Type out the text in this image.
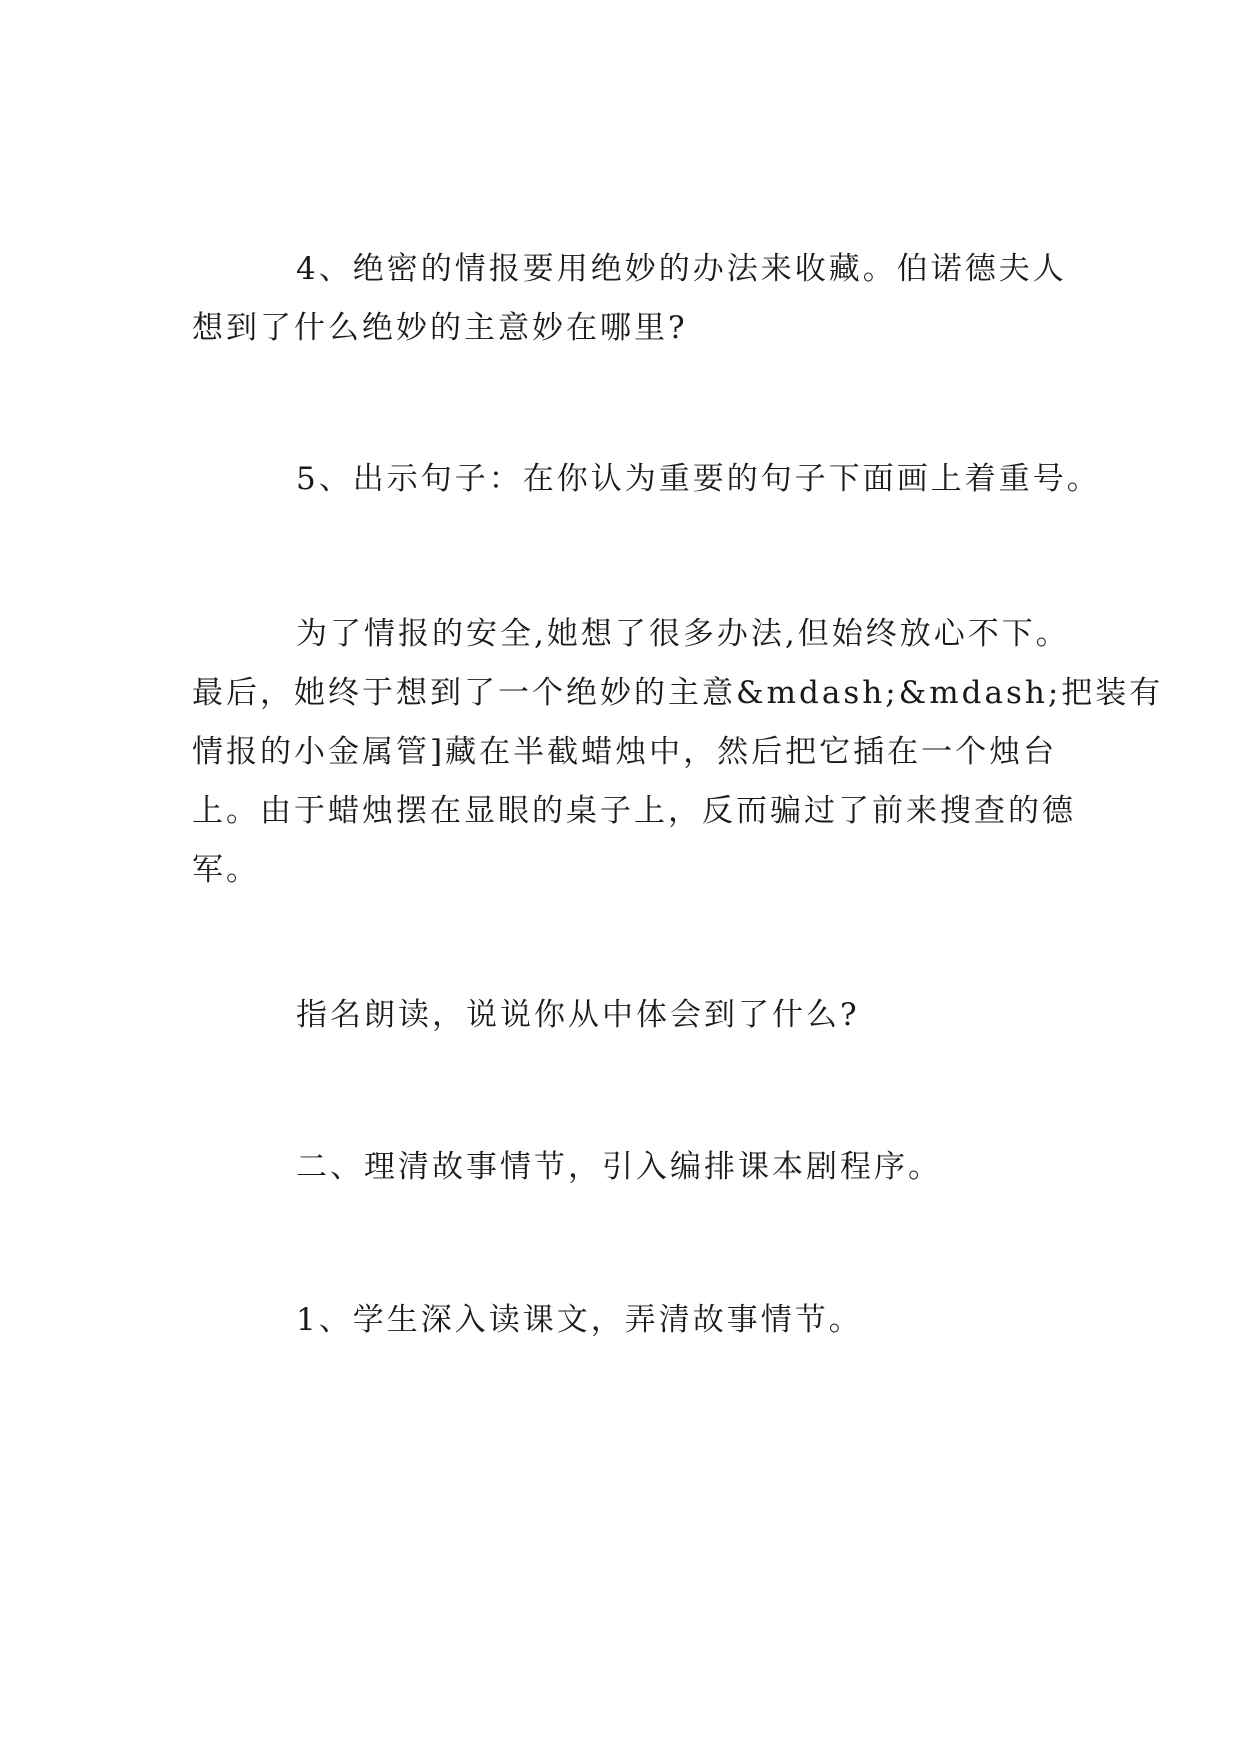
4、绝密的情报要用绝妙的办法来收藏。伯诺德夫人
想到了什么绝妙的主意妙在哪里?
5、出示句子：在你认为重要的句子下面画上着重号。
为了情报的安全,她想了很多办法,但始终放心不下。
最后，她终于想到了一个绝妙的主意&mdash;&mdash;把装有
情报的小金属管]藏在半截蜡烛中，然后把它插在一个烛台
上。由于蜡烛摆在显眼的桌子上，反而骗过了前来搜查的德
军。
指名朗读，说说你从中体会到了什么?
二、理清故事情节，引入编排课本剧程序。
1、学生深入读课文，弄清故事情节。
